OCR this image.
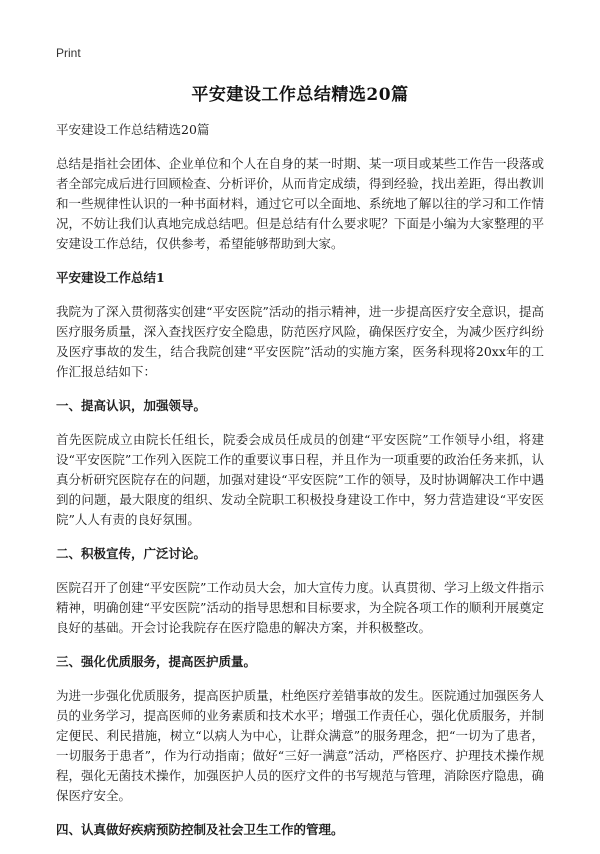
Print
平安建设工作总结精选20篇
平安建设工作总结精选20篇

总结是指社会团体、企业单位和个人在自身的某一时期、某一项目或某些工作告一段落或者全部完成后进行回顾检查、分析评价，从而肯定成绩，得到经验，找出差距，得出教训和一些规律性认识的一种书面材料，通过它可以全面地、系统地了解以往的学习和工作情况，不妨让我们认真地完成总结吧。但是总结有什么要求呢？下面是小编为大家整理的平安建设工作总结，仅供参考，希望能够帮助到大家。

平安建设工作总结1

我院为了深入贯彻落实创建“平安医院”活动的指示精神，进一步提高医疗安全意识，提高医疗服务质量，深入查找医疗安全隐患，防范医疗风险，确保医疗安全，为减少医疗纠纷及医疗事故的发生，结合我院创建“平安医院”活动的实施方案，医务科现将20xx年的工作汇报总结如下：

一、提高认识，加强领导。

首先医院成立由院长任组长，院委会成员任成员的创建“平安医院”工作领导小组，将建设“平安医院”工作列入医院工作的重要议事日程，并且作为一项重要的政治任务来抓，认真分析研究医院存在的问题，加强对建设“平安医院”工作的领导，及时协调解决工作中遇到的问题，最大限度的组织、发动全院职工积极投身建设工作中，努力营造建设“平安医院”人人有责的良好氛围。

二、积极宣传，广泛讨论。

医院召开了创建“平安医院”工作动员大会，加大宣传力度。认真贯彻、学习上级文件指示精神，明确创建“平安医院”活动的指导思想和目标要求，为全院各项工作的顺利开展奠定良好的基础。开会讨论我院存在医疗隐患的解决方案，并积极整改。

三、强化优质服务，提高医护质量。

为进一步强化优质服务，提高医护质量，杜绝医疗差错事故的发生。医院通过加强医务人员的业务学习，提高医师的业务素质和技术水平；增强工作责任心，强化优质服务，并制定便民、利民措施，树立“以病人为中心，让群众满意”的服务理念，把“一切为了患者，一切服务于患者”，作为行动指南；做好“三好一满意”活动，严格医疗、护理技术操作规程，强化无菌技术操作，加强医护人员的医疗文件的书写规范与管理，消除医疗隐患，确保医疗安全。

四、认真做好疾病预防控制及社会卫生工作的管理。
